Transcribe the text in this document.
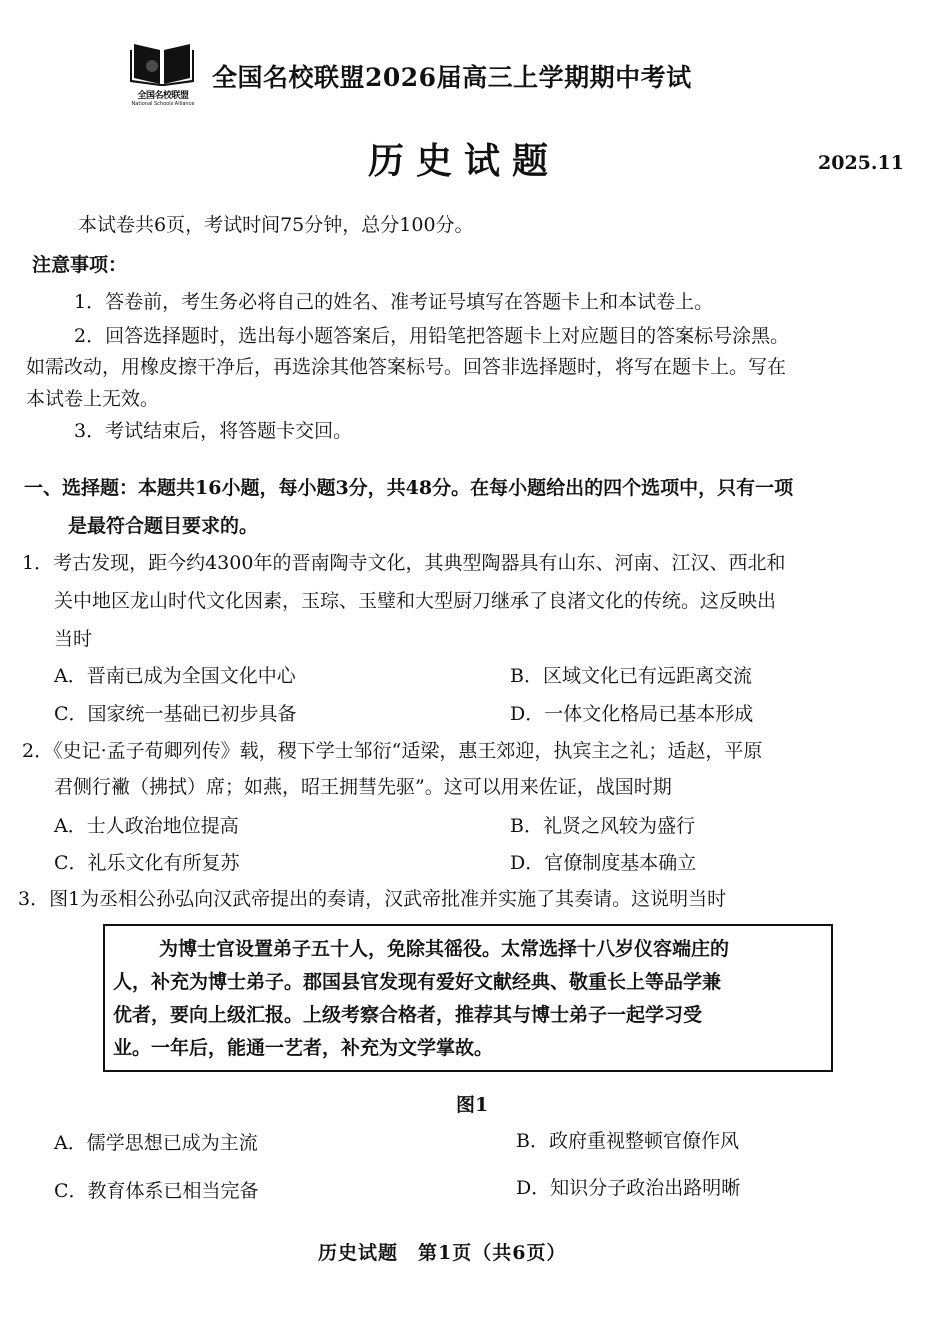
全国名校联盟
National Schools Alliance
全国名校联盟2026届高三上学期期中考试
历史试题	2025.11
本试卷共6页，考试时间75分钟，总分100分。
注意事项：
1．答卷前，考生务必将自己的姓名、准考证号填写在答题卡上和本试卷上。
2．回答选择题时，选出每小题答案后，用铅笔把答题卡上对应题目的答案标号涂黑。
如需改动，用橡皮擦干净后，再选涂其他答案标号。回答非选择题时，将写在题卡上。写在
本试卷上无效。
3．考试结束后，将答题卡交回。
一、选择题：本题共16小题，每小题3分，共48分。在每小题给出的四个选项中，只有一项
是最符合题目要求的。
1．考古发现，距今约4300年的晋南陶寺文化，其典型陶器具有山东、河南、江汉、西北和
关中地区龙山时代文化因素，玉琮、玉璧和大型厨刀继承了良渚文化的传统。这反映出
当时
A．晋南已成为全国文化中心	B．区域文化已有远距离交流
C．国家统一基础已初步具备	D．一体文化格局已基本形成
2．《史记·孟子荀卿列传》载，稷下学士邹衍“适梁，惠王郊迎，执宾主之礼；适赵，平原
君侧行襒（拂拭）席；如燕，昭王拥彗先驱”。这可以用来佐证，战国时期
A．士人政治地位提高	B．礼贤之风较为盛行
C．礼乐文化有所复苏	D．官僚制度基本确立
3．图1为丞相公孙弘向汉武帝提出的奏请，汉武帝批准并实施了其奏请。这说明当时
为博士官设置弟子五十人，免除其徭役。太常选择十八岁仪容端庄的
人，补充为博士弟子。郡国县官发现有爱好文献经典、敬重长上等品学兼
优者，要向上级汇报。上级考察合格者，推荐其与博士弟子一起学习受
业。一年后，能通一艺者，补充为文学掌故。
图1
A．儒学思想已成为主流	B．政府重视整顿官僚作风
C．教育体系已相当完备	D．知识分子政治出路明晰
历史试题　第1页（共6页）
